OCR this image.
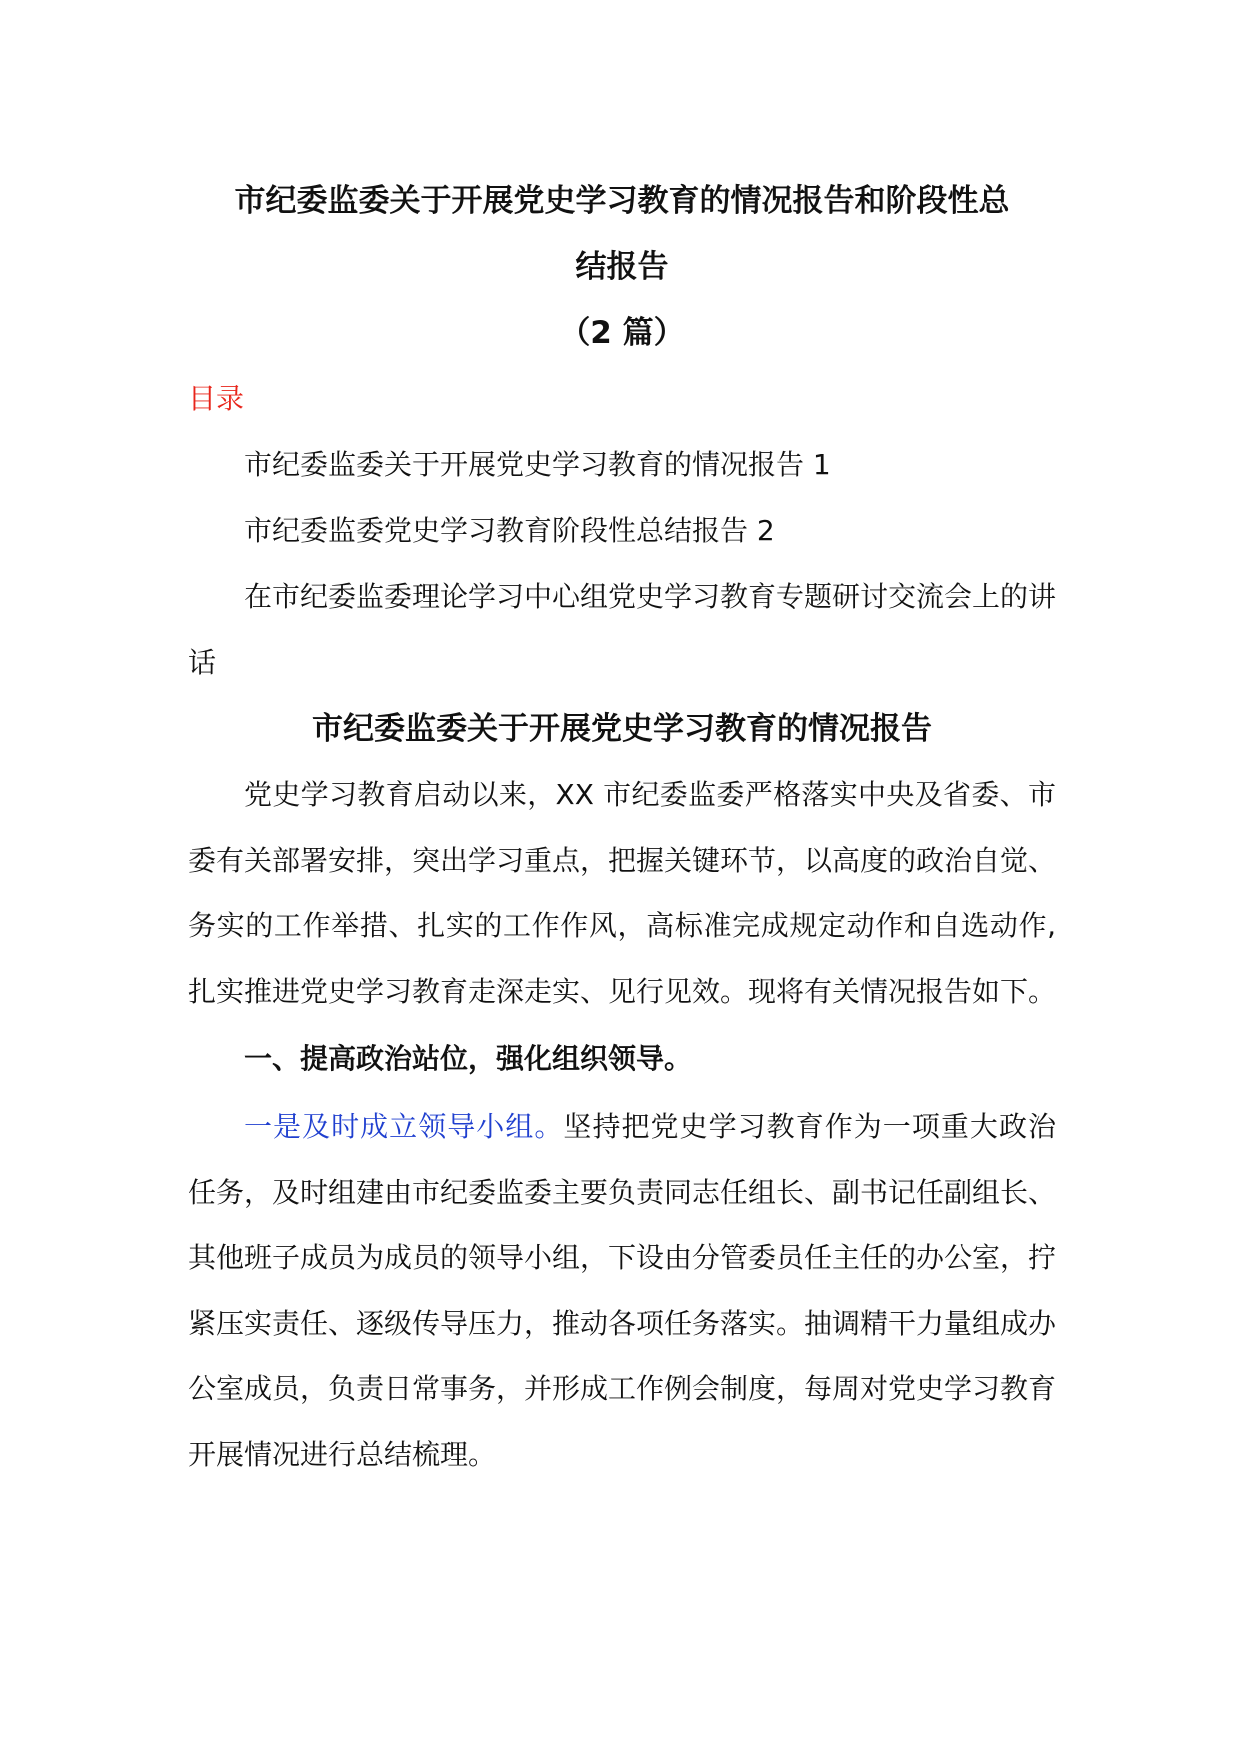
市纪委监委关于开展党史学习教育的情况报告和阶段性总
结报告

（2 篇）

目录

市纪委监委关于开展党史学习教育的情况报告 1

市纪委监委党史学习教育阶段性总结报告 2

在市纪委监委理论学习中心组党史学习教育专题研讨交流会上的讲话

市纪委监委关于开展党史学习教育的情况报告

党史学习教育启动以来，XX 市纪委监委严格落实中央及省委、市委有关部署安排，突出学习重点，把握关键环节，以高度的政治自觉、务实的工作举措、扎实的工作作风，高标准完成规定动作和自选动作,扎实推进党史学习教育走深走实、见行见效。现将有关情况报告如下。

一、提高政治站位，强化组织领导。

一是及时成立领导小组。坚持把党史学习教育作为一项重大政治任务，及时组建由市纪委监委主要负责同志任组长、副书记任副组长、其他班子成员为成员的领导小组，下设由分管委员任主任的办公室，拧紧压实责任、逐级传导压力，推动各项任务落实。抽调精干力量组成办公室成员，负责日常事务，并形成工作例会制度，每周对党史学习教育开展情况进行总结梳理。
